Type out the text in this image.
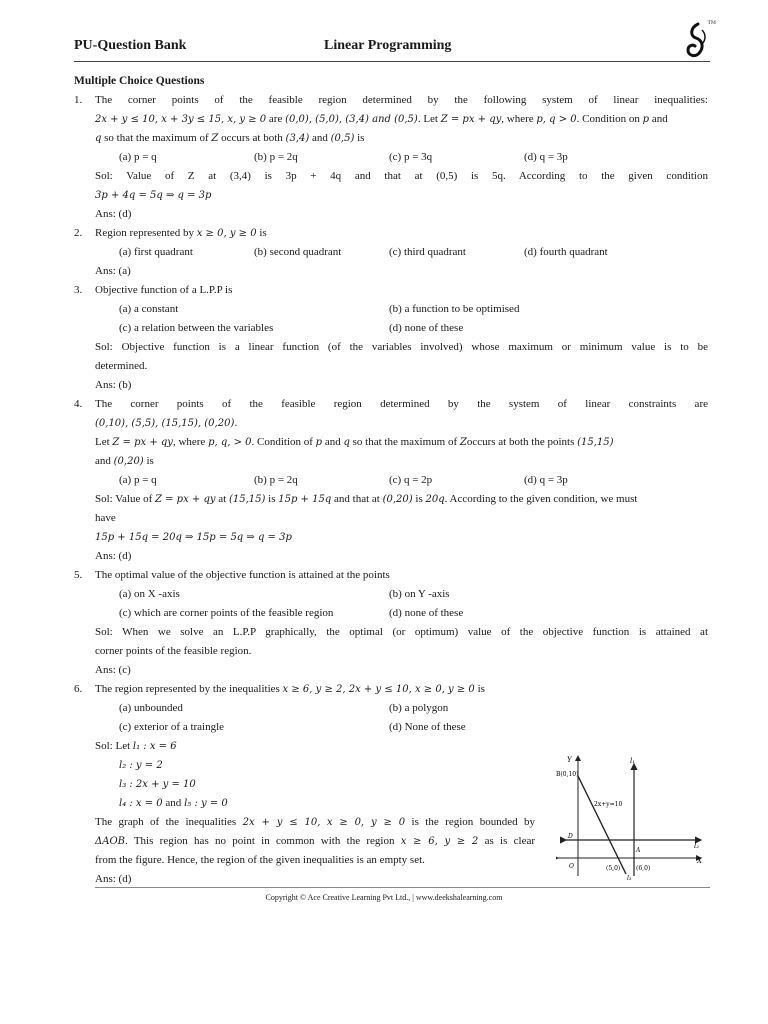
PU-Question Bank	Linear Programming
TM
Multiple Choice Questions
1.	The corner points of the feasible region determined by the following system of linear inequalities:
2x + y ≤ 10, x + 3y ≤ 15, x, y ≥ 0 are (0,0), (5,0), (3,4) and (0,5). Let Z = px + qy, where p, q > 0. Condition on p and
q so that the maximum of Z occurs at both (3,4) and (0,5) is
(a) p = q	(b) p = 2q	(c) p = 3q	(d) q = 3p
Sol: Value of Z at (3,4) is 3p + 4q and that at (0,5) is 5q. According to the given condition
3p + 4q = 5q ⇒ q = 3p
Ans: (d)
2. Region represented by x ≥ 0, y ≥ 0 is
(a) first quadrant	(b) second quadrant	(c) third quadrant	(d) fourth quadrant
Ans: (a)
3. Objective function of a L.P.P is
(a) a constant	(b) a function to be optimised
(c) a relation between the variables	(d) none of these
Sol: Objective function is a linear function (of the variables involved) whose maximum or minimum value is to be
determined.
Ans: (b)
4.	The corner points of the feasible region determined by the system of linear constraints are
(0,10), (5,5), (15,15), (0,20).
Let Z = px + qy, where p, q, > 0. Condition of p and q so that the maximum of Zoccurs at both the points (15,15)
and (0,20) is
(a) p = q	(b) p = 2q	(c) q = 2p	(d) q = 3p
Sol: Value of Z = px + qy at (15,15) is 15p + 15q and that at (0,20) is 20q. According to the given condition, we must
have
15p + 15q = 20q ⇒ 15p = 5q ⇒ q = 3p
Ans: (d)
5. The optimal value of the objective function is attained at the points
(a) on X -axis	(b) on Y -axis
(c) which are corner points of the feasible region	(d) none of these
Sol: When we solve an L.P.P graphically, the optimal (or optimum) value of the objective function is attained at
corner points of the feasible region.
Ans: (c)
6. The region represented by the inequalities x ≥ 6, y ≥ 2, 2x + y ≤ 10, x ≥ 0, y ≥ 0 is
(a) unbounded	(b) a polygon
(c) exterior of a traingle	(d) None of these
Sol: Let l₁ : x = 6
l₂ : y = 2
l₃ : 2x + y = 10
l₄ : x = 0 and l₅ : y = 0
The graph of the inequalities 2x + y ≤ 10, x ≥ 0, y ≥ 0 is the region bounded by
ΔAOB. This region has no point in common with the region x ≥ 6, y ≥ 2 as is clear
from the figure. Hence, the region of the given inequalities is an empty set.
Ans: (d)
Y
X
B(0,10)
2x+y=10
l₁
l₂
l₃
D
A
O	(5,0)	(6,0)
Copyright © Ace Creative Learning Pvt Ltd., | www.deekshalearning.com
